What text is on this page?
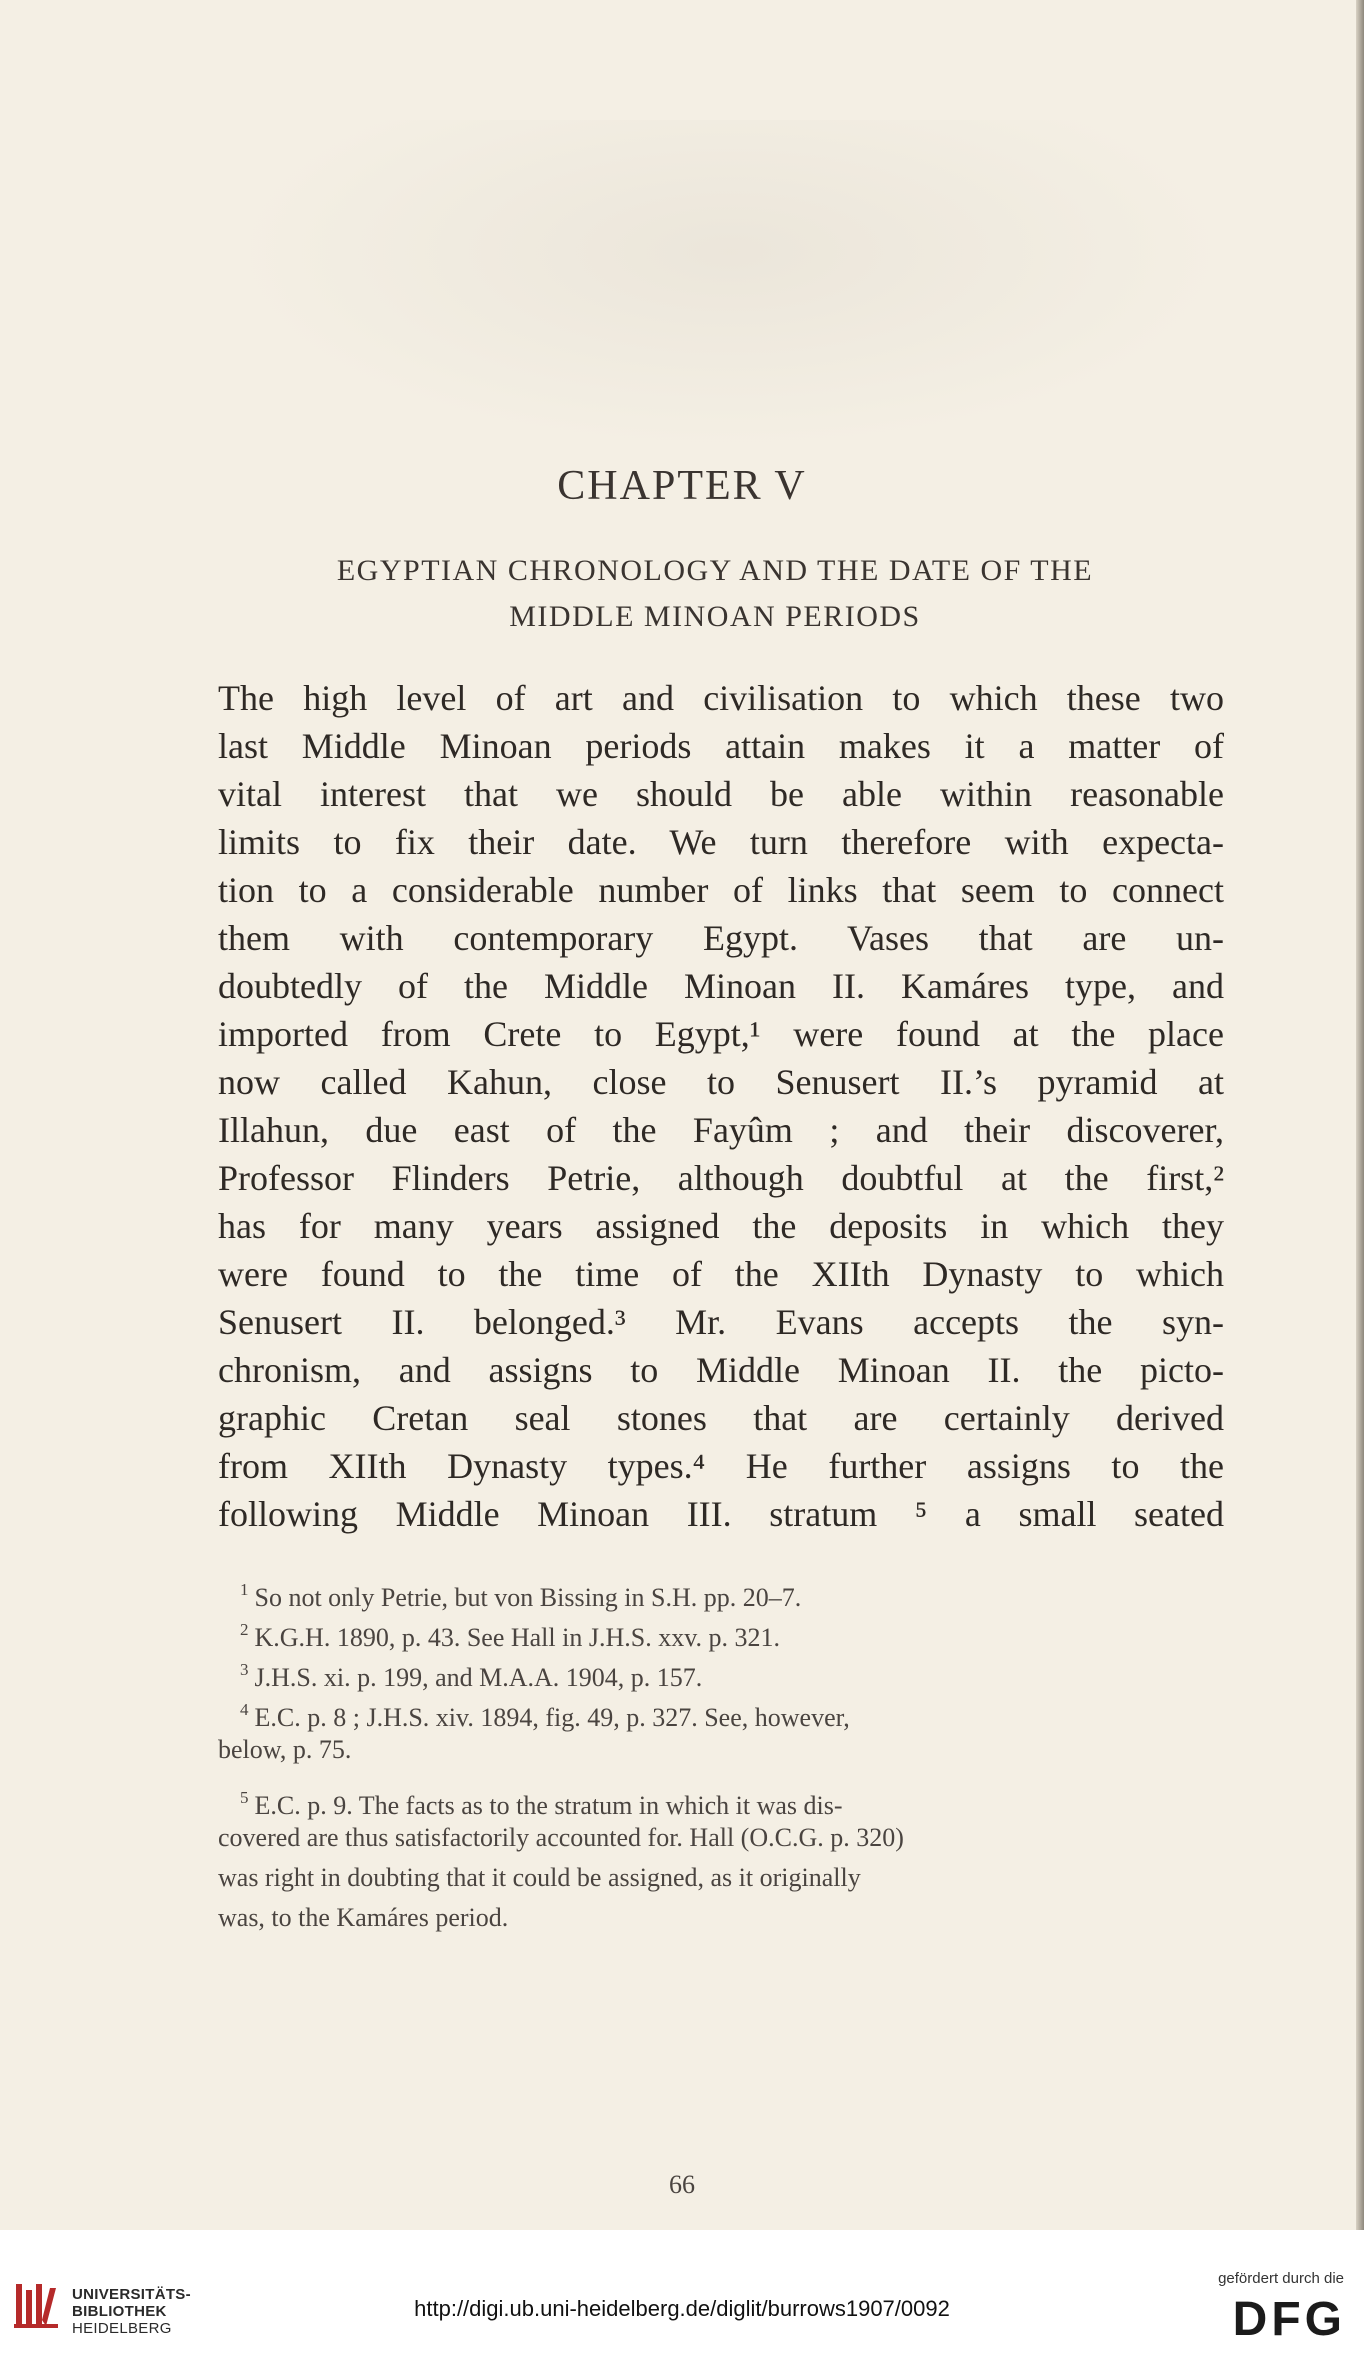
CHAPTER V
EGYPTIAN CHRONOLOGY AND THE DATE OF THE
MIDDLE MINOAN PERIODS
The high level of art and civilisation to which these two
last Middle Minoan periods attain makes it a matter of
vital interest that we should be able within reasonable
limits to fix their date. We turn therefore with expecta-
tion to a considerable number of links that seem to connect
them with contemporary Egypt. Vases that are un-
doubtedly of the Middle Minoan II. Kamáres type, and
imported from Crete to Egypt,¹ were found at the place
now called Kahun, close to Senusert II.’s pyramid at
Illahun, due east of the Fayûm ; and their discoverer,
Professor Flinders Petrie, although doubtful at the first,²
has for many years assigned the deposits in which they
were found to the time of the XIIth Dynasty to which
Senusert II. belonged.³ Mr. Evans accepts the syn-
chronism, and assigns to Middle Minoan II. the picto-
graphic Cretan seal stones that are certainly derived
from XIIth Dynasty types.⁴ He further assigns to the
following Middle Minoan III. stratum ⁵ a small seated
$^1$ So not only Petrie, but von Bissing in S.H. pp. 20–7.
$^2$ K.G.H. 1890, p. 43. See Hall in J.H.S. xxv. p. 321.
$^3$ J.H.S. xi. p. 199, and M.A.A. 1904, p. 157.
$^4$ E.C. p. 8 ; J.H.S. xiv. 1894, fig. 49, p. 327. See, however,
below, p. 75.
$^5$ E.C. p. 9. The facts as to the stratum in which it was dis-
covered are thus satisfactorily accounted for. Hall (O.C.G. p. 320)
was right in doubting that it could be assigned, as it originally
was, to the Kamáres period.
66
UNIVERSITÄTS-
BIBLIOTHEK
HEIDELBERG
http://digi.ub.uni-heidelberg.de/diglit/burrows1907/0092
gefördert durch die
DFG
